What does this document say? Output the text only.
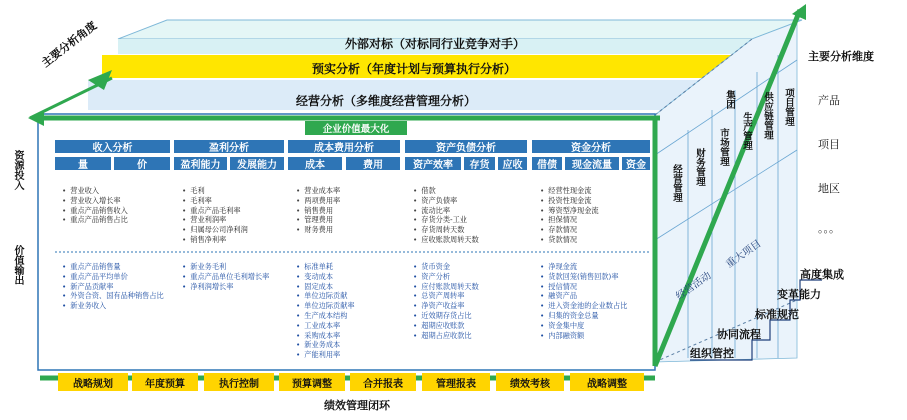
外部对标（对标同行业竞争对手）
预实分析（年度计划与预算执行分析）
经营分析（多维度经营管理分析）
主要分析角度
企业价值最大化
资源投入
价值输出
收入分析
量	价
盈利分析
盈利能力	发展能力
成本费用分析
成本	费用
资产负债分析
资产效率	存货	应收
资金分析
借债	现金流量	资金
• 营业收入
• 营业收入增长率
• 重点产品销售收入
• 重点产品销售占比
• 毛利
• 毛利率
• 重点产品毛利率
• 营业利润率
• 归属母公司净利润
• 销售净利率
• 营业成本率
• 两项费用率
• 销售费用
• 管理费用
• 财务费用
• 借款
• 资产负债率
• 流动比率
• 存货分类-工业
• 存货周转天数
• 应收账款周转天数
• 经营性现金流
• 投资性现金流
• 筹资型净现金流
• 担保情况
• 存款情况
• 贷款情况
• 重点产品销售量
• 重点产品平均单价
• 新产品贡献率
• 外资合资、国有品种销售占比
• 新业务收入
• 新业务毛利
• 重点产品单位毛利增长率
• 净利润增长率
• 标准单耗
• 变动成本
• 固定成本
• 单位边际贡献
• 单位边际贡献率
• 生产成本结构
• 工业成本率
• 采购成本率
• 新业务成本
• 产能利用率
• 货币资金
• 资产分析
• 应付账款周转天数
• 总资产周转率
• 净资产收益率
• 近效期存货占比
• 超期应收账款
• 超期占应收款比
• 净现金流
• 货款回笼(销售回款)率
• 授信情况
• 融资产品
• 进入资金池的企业数占比
• 归集的资金总量
• 资金集中度
• 内部融资额
战略规划	年度预算	执行控制	预算调整	合并报表	管理报表	绩效考核	战略调整
绩效管理闭环
经营管理 财务管理
市场管理 生产管理
集团	供应链管理 项目管理
经营活动
重大项目
主要分析维度
产品
项目
地区
。。。
高度集成
变革能力
标准规范
协同流程
组织管控
